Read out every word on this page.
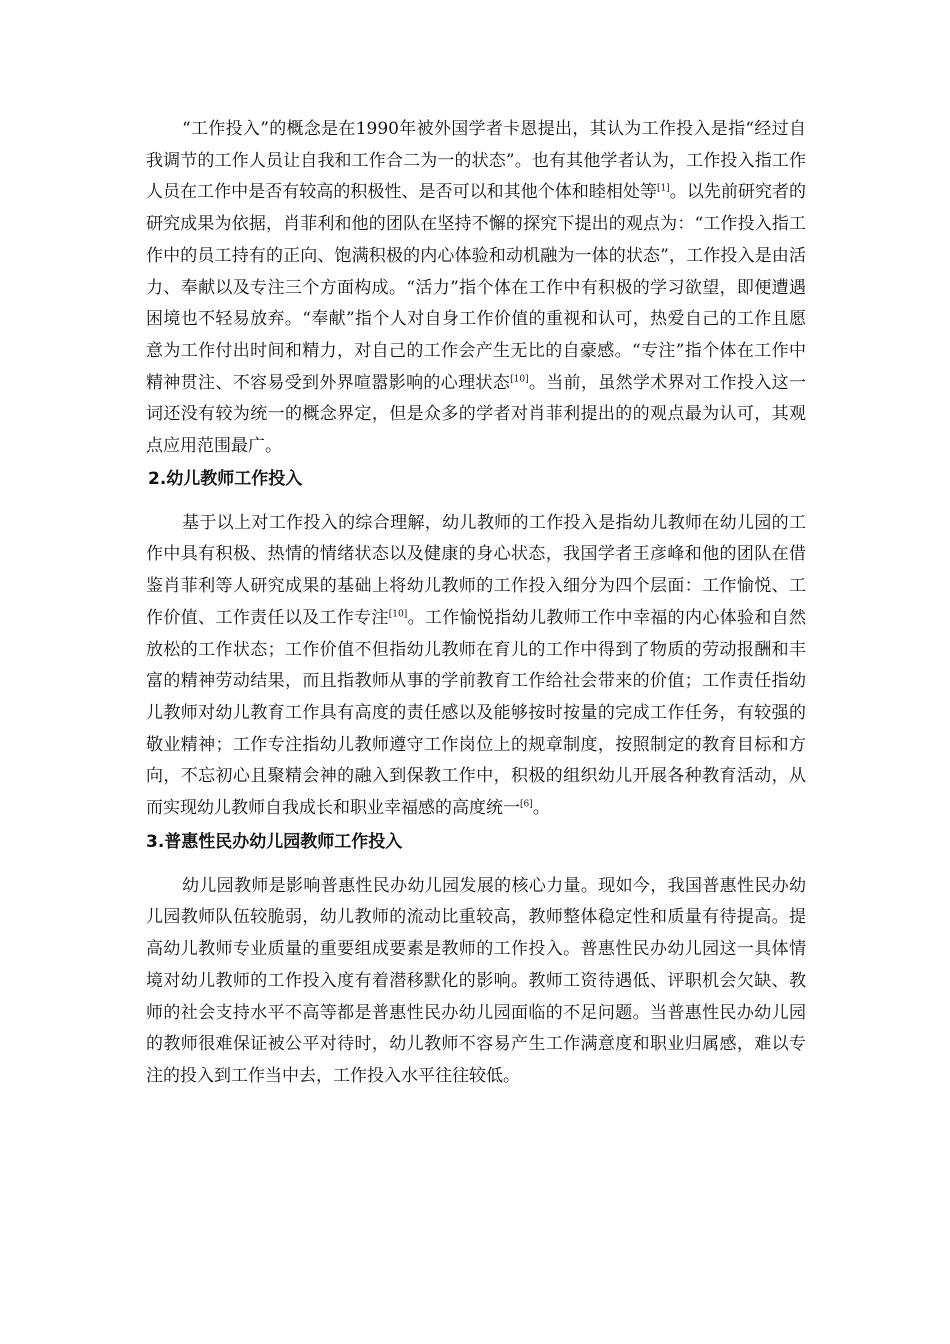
“工作投入”的概念是在1990年被外国学者卡恩提出，其认为工作投入是指“经过自我调节的工作人员让自我和工作合二为一的状态”。也有其他学者认为，工作投入指工作人员在工作中是否有较高的积极性、是否可以和其他个体和睦相处等[1]。以先前研究者的研究成果为依据，肖菲利和他的团队在坚持不懈的探究下提出的观点为：“工作投入指工作中的员工持有的正向、饱满积极的内心体验和动机融为一体的状态”，工作投入是由活力、奉献以及专注三个方面构成。“活力”指个体在工作中有积极的学习欲望，即便遭遇困境也不轻易放弃。“奉献”指个人对自身工作价值的重视和认可，热爱自己的工作且愿意为工作付出时间和精力，对自己的工作会产生无比的自豪感。“专注”指个体在工作中精神贯注、不容易受到外界喧嚣影响的心理状态[10]。当前，虽然学术界对工作投入这一词还没有较为统一的概念界定，但是众多的学者对肖菲利提出的的观点最为认可，其观点应用范围最广。

2.幼儿教师工作投入

基于以上对工作投入的综合理解，幼儿教师的工作投入是指幼儿教师在幼儿园的工作中具有积极、热情的情绪状态以及健康的身心状态，我国学者王彦峰和他的团队在借鉴肖菲利等人研究成果的基础上将幼儿教师的工作投入细分为四个层面：工作愉悦、工作价值、工作责任以及工作专注[10]。工作愉悦指幼儿教师工作中幸福的内心体验和自然放松的工作状态；工作价值不但指幼儿教师在育儿的工作中得到了物质的劳动报酬和丰富的精神劳动结果，而且指教师从事的学前教育工作给社会带来的价值；工作责任指幼儿教师对幼儿教育工作具有高度的责任感以及能够按时按量的完成工作任务，有较强的敬业精神；工作专注指幼儿教师遵守工作岗位上的规章制度，按照制定的教育目标和方向，不忘初心且聚精会神的融入到保教工作中，积极的组织幼儿开展各种教育活动，从而实现幼儿教师自我成长和职业幸福感的高度统一[6]。

3.普惠性民办幼儿园教师工作投入

幼儿园教师是影响普惠性民办幼儿园发展的核心力量。现如今，我国普惠性民办幼儿园教师队伍较脆弱，幼儿教师的流动比重较高，教师整体稳定性和质量有待提高。提高幼儿教师专业质量的重要组成要素是教师的工作投入。普惠性民办幼儿园这一具体情境对幼儿教师的工作投入度有着潜移默化的影响。教师工资待遇低、评职机会欠缺、教师的社会支持水平不高等都是普惠性民办幼儿园面临的不足问题。当普惠性民办幼儿园的教师很难保证被公平对待时，幼儿教师不容易产生工作满意度和职业归属感，难以专注的投入到工作当中去，工作投入水平往往较低。
